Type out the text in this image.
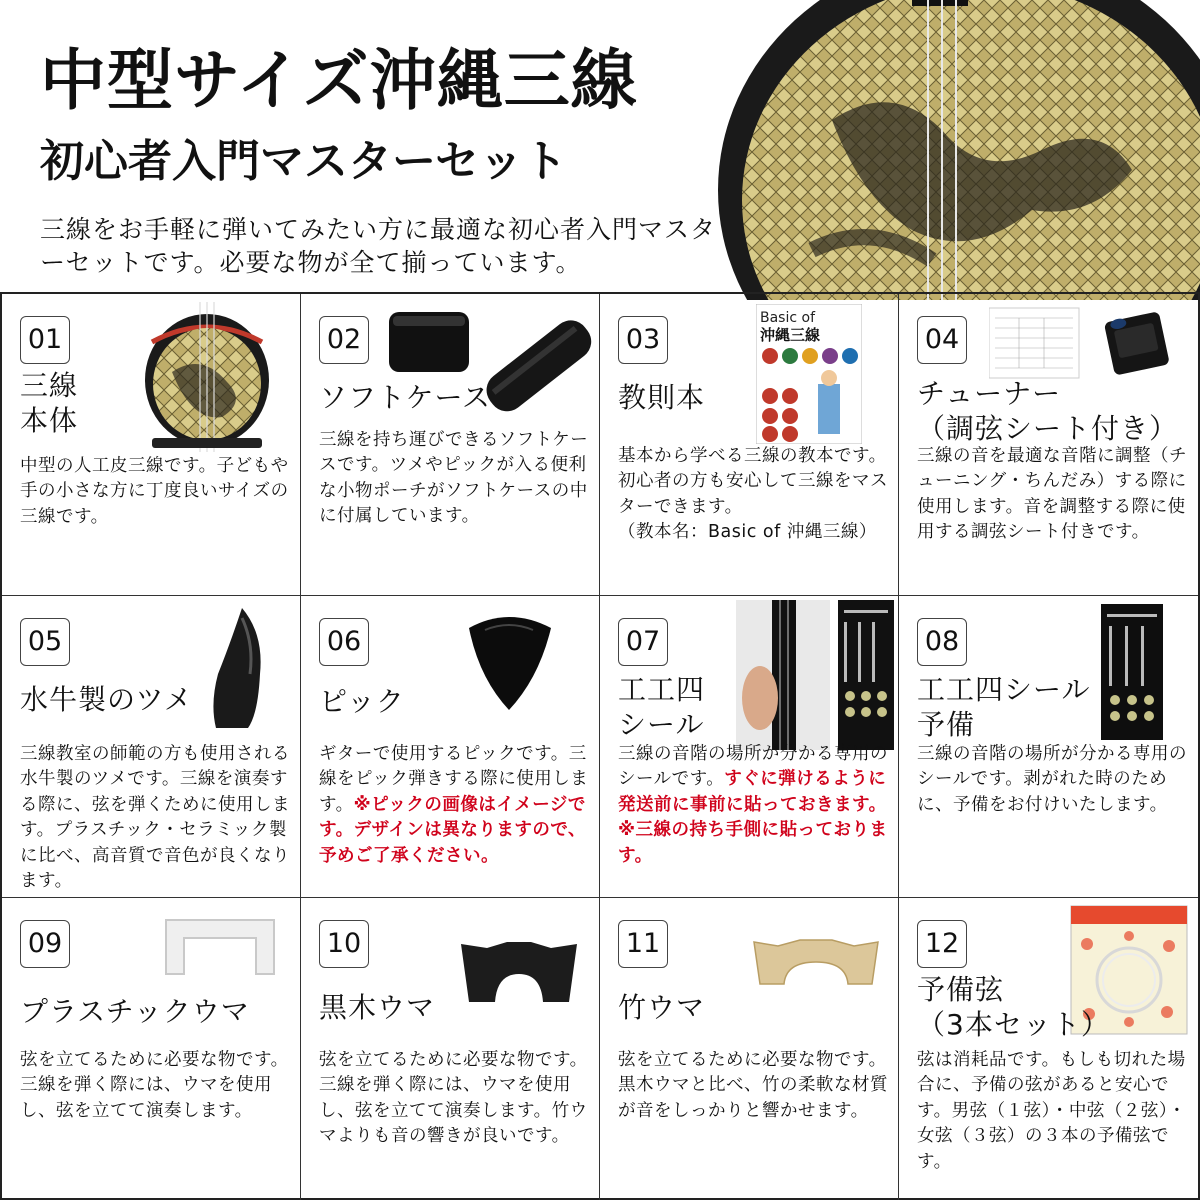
中型サイズ沖縄三線
初心者入門マスターセット
三線をお手軽に弾いてみたい方に最適な初心者入門マスターセットです。必要な物が全て揃っています。
01
三線
本体
中型の人工皮三線です。子どもや手の小さな方に丁度良いサイズの三線です。
02
ソフトケース
三線を持ち運びできるソフトケースです。ツメやピックが入る便利な小物ポーチがソフトケースの中に付属しています。
03
Basic of
沖縄三線
教則本
基本から学べる三線の教本です。初心者の方も安心して三線をマスターできます。
（教本名：Basic of 沖縄三線）
04
チューナー
（調弦シート付き）
三線の音を最適な音階に調整（チューニング・ちんだみ）する際に使用します。音を調整する際に使用する調弦シート付きです。
05
水牛製のツメ
三線教室の師範の方も使用される水牛製のツメです。三線を演奏する際に、弦を弾くために使用します。プラスチック・セラミック製に比べ、高音質で音色が良くなります。
06
ピック
ギターで使用するピックです。三線をピック弾きする際に使用します。※ピックの画像はイメージです。デザインは異なりますので、予めご了承ください。
07
工工四
シール
三線の音階の場所が分かる専用のシールです。すぐに弾けるように発送前に事前に貼っておきます。※三線の持ち手側に貼っております。
08
工工四シール
予備
三線の音階の場所が分かる専用のシールです。剥がれた時のために、予備をお付けいたします。
09
プラスチックウマ
弦を立てるために必要な物です。三線を弾く際には、ウマを使用し、弦を立てて演奏します。
10
黒木ウマ
弦を立てるために必要な物です。三線を弾く際には、ウマを使用し、弦を立てて演奏します。竹ウマよりも音の響きが良いです。
11
竹ウマ
弦を立てるために必要な物です。黒木ウマと比べ、竹の柔軟な材質が音をしっかりと響かせます。
12
予備弦
（3本セット）
弦は消耗品です。もしも切れた場合に、予備の弦があると安心です。男弦（１弦）・中弦（２弦）・女弦（３弦）の３本の予備弦です。
